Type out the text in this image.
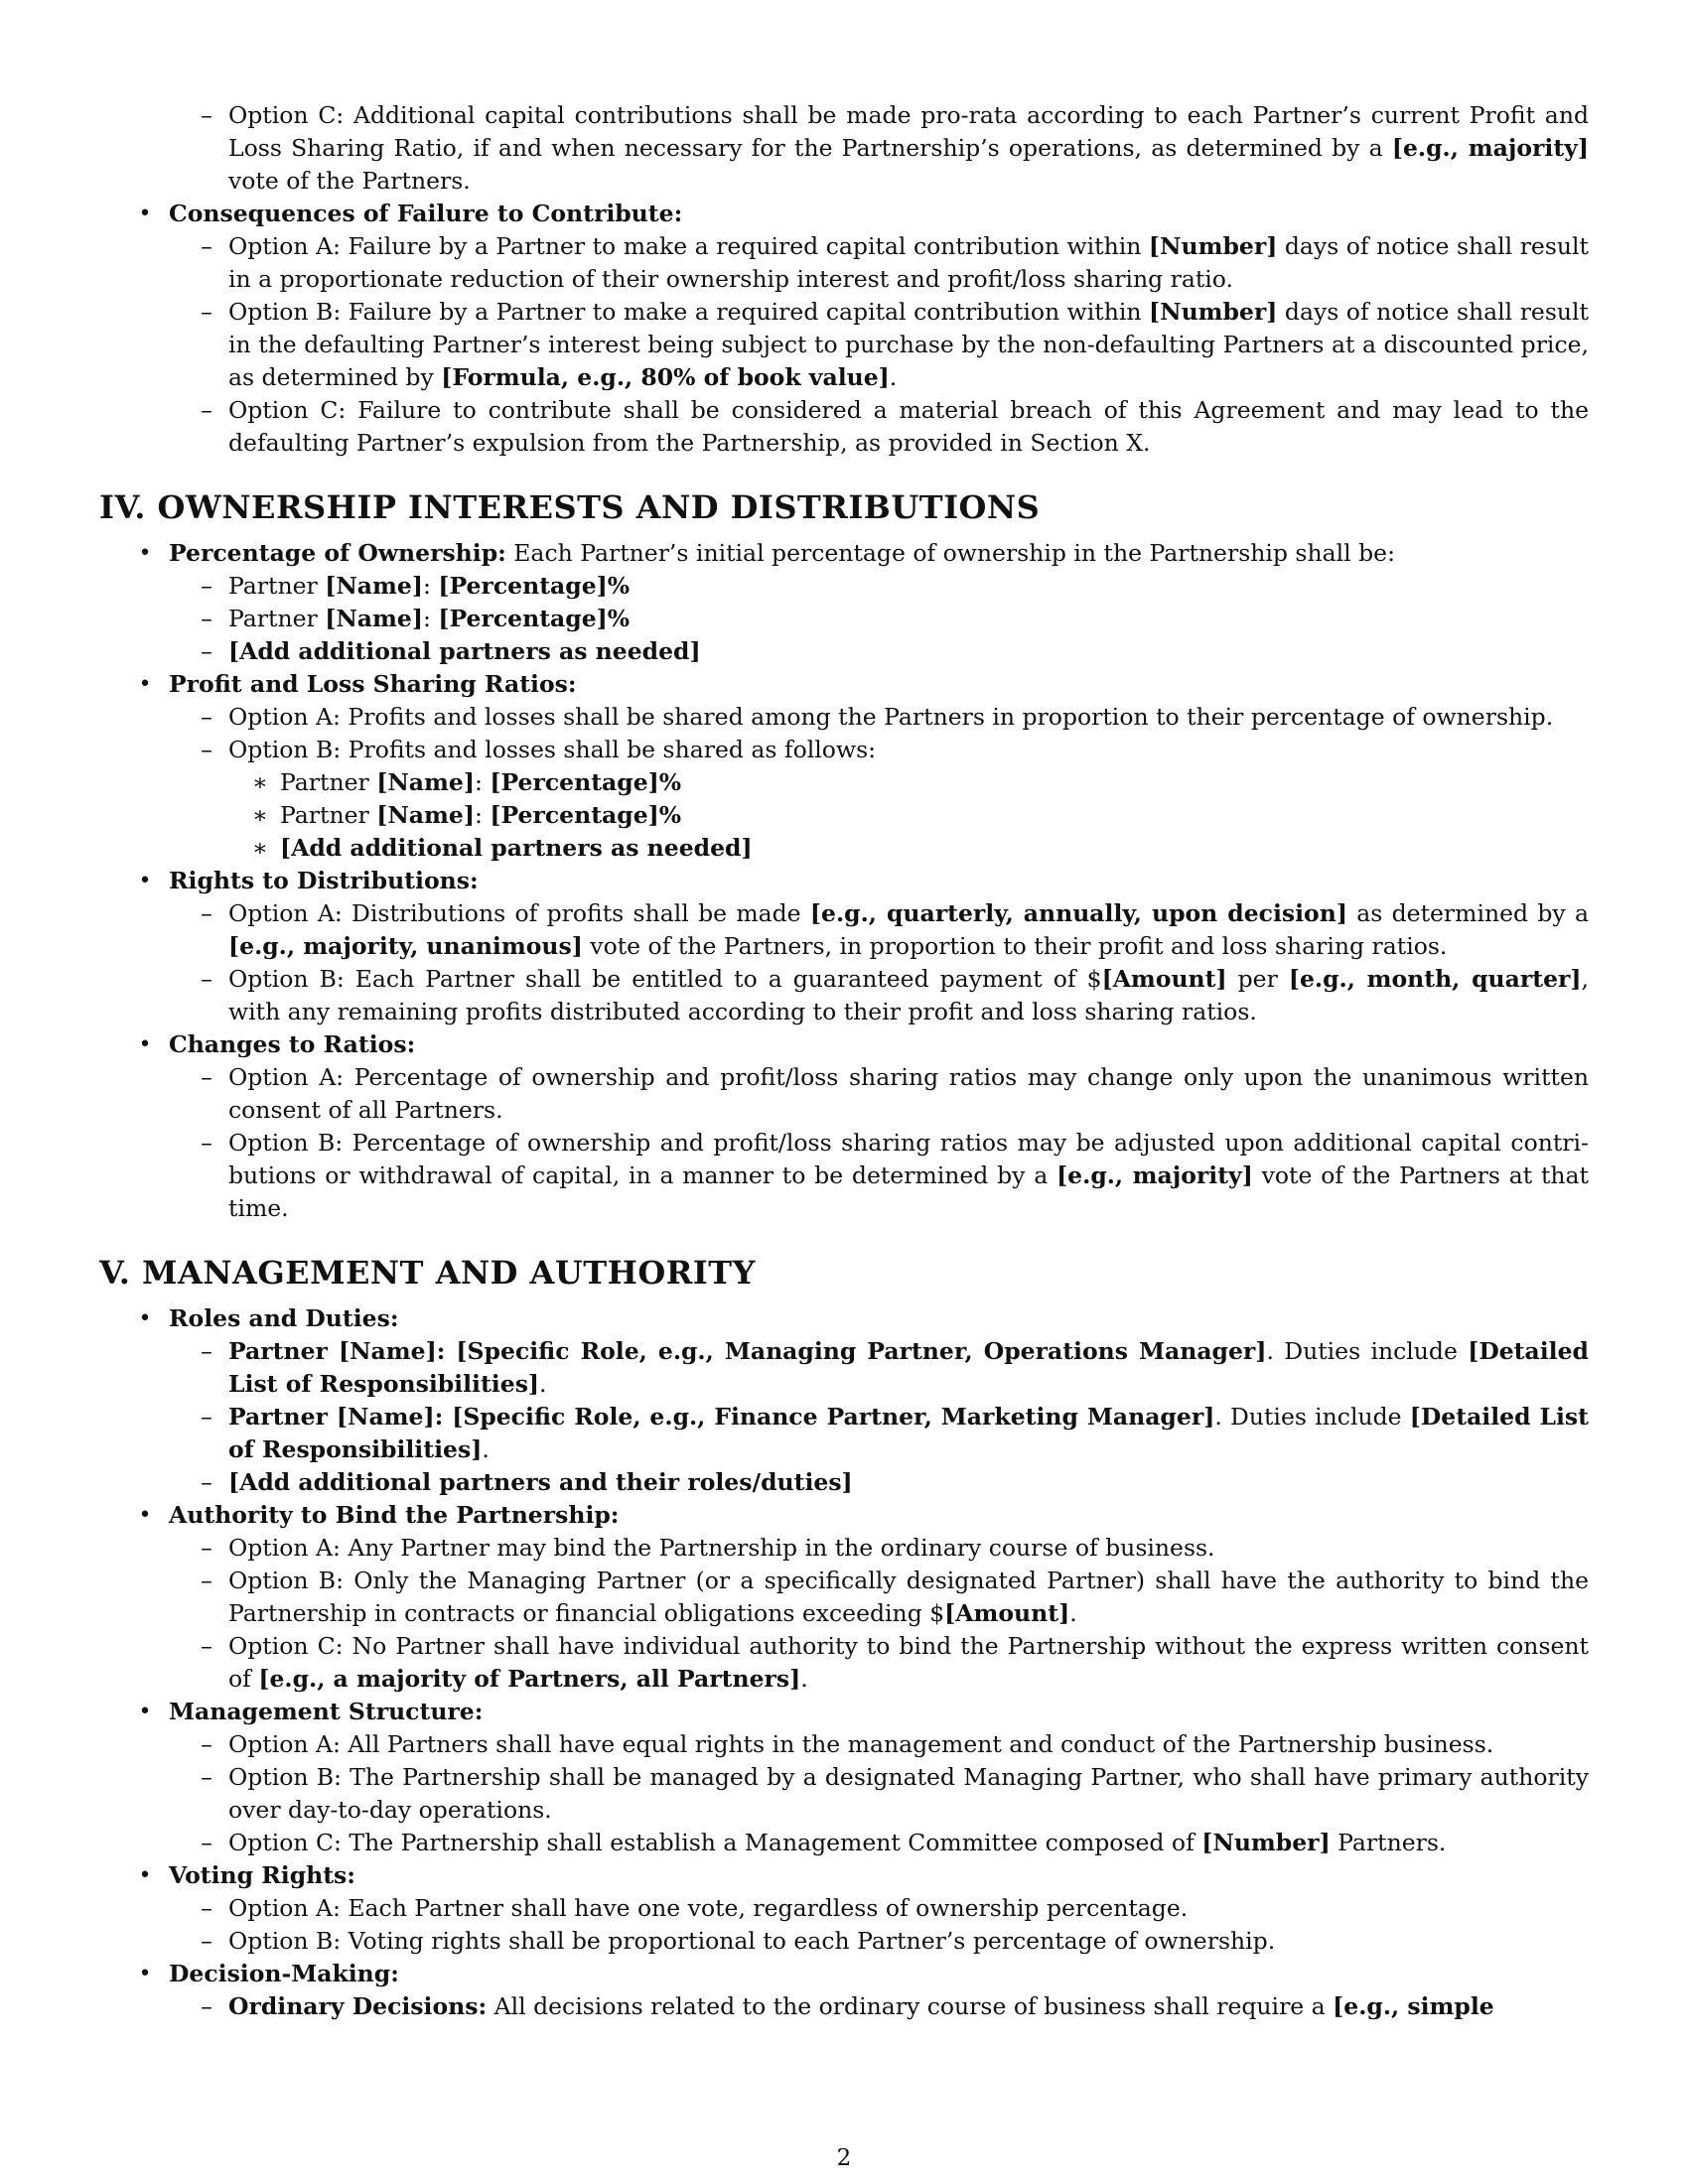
– Option C: Additional capital contributions shall be made pro-rata according to each Partner’s current Profit and Loss Sharing Ratio, if and when necessary for the Partnership’s operations, as determined by a [e.g., majority] vote of the Partners.
• Consequences of Failure to Contribute:
– Option A: Failure by a Partner to make a required capital contribution within [Number] days of notice shall result in a proportionate reduction of their ownership interest and profit/loss sharing ratio.
– Option B: Failure by a Partner to make a required capital contribution within [Number] days of notice shall result in the defaulting Partner’s interest being subject to purchase by the non-defaulting Partners at a discounted price, as determined by [Formula, e.g., 80% of book value].
– Option C: Failure to contribute shall be considered a material breach of this Agreement and may lead to the defaulting Partner’s expulsion from the Partnership, as provided in Section X.
IV. OWNERSHIP INTERESTS AND DISTRIBUTIONS
• Percentage of Ownership: Each Partner’s initial percentage of ownership in the Partnership shall be:
– Partner [Name]: [Percentage]%
– Partner [Name]: [Percentage]%
– [Add additional partners as needed]
• Profit and Loss Sharing Ratios:
– Option A: Profits and losses shall be shared among the Partners in proportion to their percentage of ownership.
– Option B: Profits and losses shall be shared as follows:
∗ Partner [Name]: [Percentage]%
∗ Partner [Name]: [Percentage]%
∗ [Add additional partners as needed]
• Rights to Distributions:
– Option A: Distributions of profits shall be made [e.g., quarterly, annually, upon decision] as determined by a [e.g., majority, unanimous] vote of the Partners, in proportion to their profit and loss sharing ratios.
– Option B: Each Partner shall be entitled to a guaranteed payment of $[Amount] per [e.g., month, quarter], with any remaining profits distributed according to their profit and loss sharing ratios.
• Changes to Ratios:
– Option A: Percentage of ownership and profit/loss sharing ratios may change only upon the unanimous written consent of all Partners.
– Option B: Percentage of ownership and profit/loss sharing ratios may be adjusted upon additional capital contributions or withdrawal of capital, in a manner to be determined by a [e.g., majority] vote of the Partners at that time.
V. MANAGEMENT AND AUTHORITY
• Roles and Duties:
– Partner [Name]: [Specific Role, e.g., Managing Partner, Operations Manager]. Duties include [Detailed List of Responsibilities].
– Partner [Name]: [Specific Role, e.g., Finance Partner, Marketing Manager]. Duties include [Detailed List of Responsibilities].
– [Add additional partners and their roles/duties]
• Authority to Bind the Partnership:
– Option A: Any Partner may bind the Partnership in the ordinary course of business.
– Option B: Only the Managing Partner (or a specifically designated Partner) shall have the authority to bind the Partnership in contracts or financial obligations exceeding $[Amount].
– Option C: No Partner shall have individual authority to bind the Partnership without the express written consent of [e.g., a majority of Partners, all Partners].
• Management Structure:
– Option A: All Partners shall have equal rights in the management and conduct of the Partnership business.
– Option B: The Partnership shall be managed by a designated Managing Partner, who shall have primary authority over day-to-day operations.
– Option C: The Partnership shall establish a Management Committee composed of [Number] Partners.
• Voting Rights:
– Option A: Each Partner shall have one vote, regardless of ownership percentage.
– Option B: Voting rights shall be proportional to each Partner’s percentage of ownership.
• Decision-Making:
– Ordinary Decisions: All decisions related to the ordinary course of business shall require a [e.g., simple
2
